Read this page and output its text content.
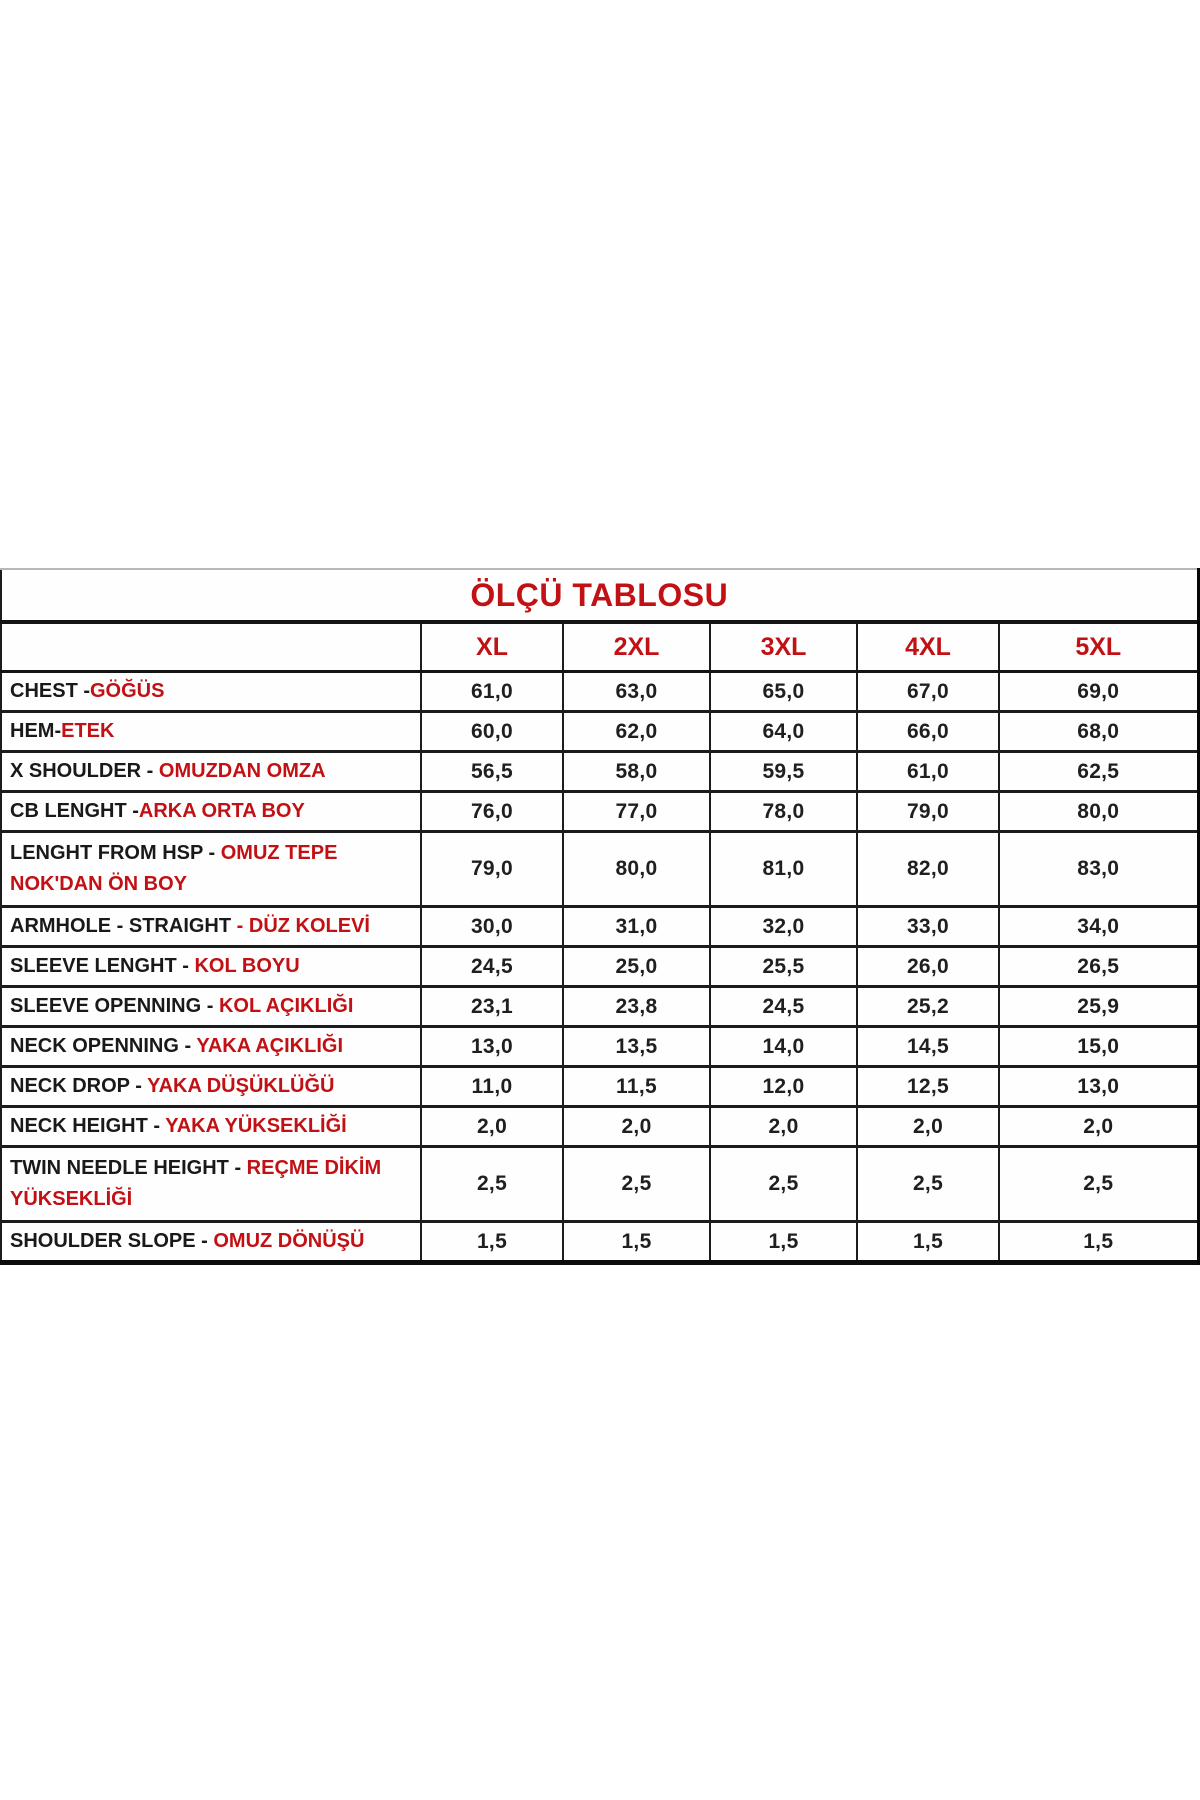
ÖLÇÜ TABLOSU					
	XL	2XL	3XL	4XL	5XL
CHEST -GÖĞÜS	61,0	63,0	65,0	67,0	69,0
HEM-ETEK	60,0	62,0	64,0	66,0	68,0
X SHOULDER - OMUZDAN OMZA	56,5	58,0	59,5	61,0	62,5
CB LENGHT -ARKA ORTA BOY	76,0	77,0	78,0	79,0	80,0
LENGHT FROM HSP - OMUZ TEPE NOK'DAN ÖN BOY	79,0	80,0	81,0	82,0	83,0
ARMHOLE - STRAIGHT - DÜZ KOLEVİ	30,0	31,0	32,0	33,0	34,0
SLEEVE LENGHT - KOL BOYU	24,5	25,0	25,5	26,0	26,5
SLEEVE OPENNING - KOL AÇIKLIĞI	23,1	23,8	24,5	25,2	25,9
NECK OPENNING - YAKA AÇIKLIĞI	13,0	13,5	14,0	14,5	15,0
NECK DROP - YAKA DÜŞÜKLÜĞÜ	11,0	11,5	12,0	12,5	13,0
NECK HEIGHT - YAKA YÜKSEKLİĞİ	2,0	2,0	2,0	2,0	2,0
TWIN NEEDLE HEIGHT - REÇME DİKİM YÜKSEKLİĞİ	2,5	2,5	2,5	2,5	2,5
SHOULDER SLOPE - OMUZ DÖNÜŞÜ	1,5	1,5	1,5	1,5	1,5
